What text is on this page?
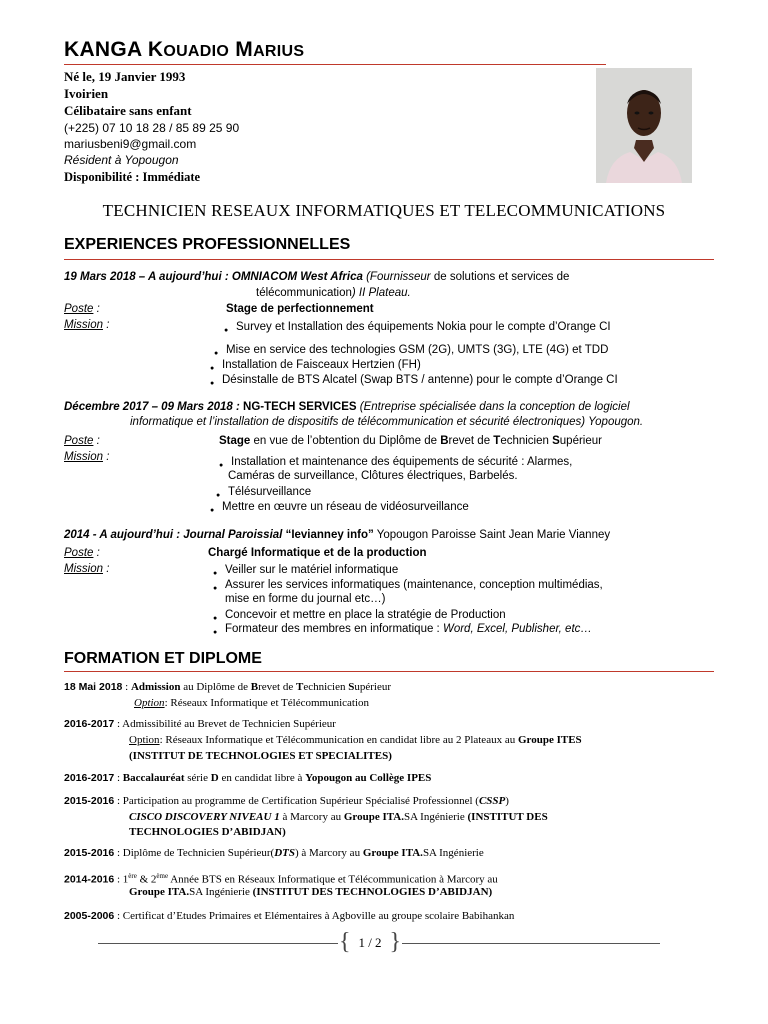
KANGA KOUADIO MARIUS
Né le, 19 Janvier 1993
Ivoirien
Célibataire sans enfant
(+225) 07 10 18 28 / 85 89 25 90
mariusbeni9@gmail.com
Résident à Yopougon
Disponibilité : Immédiate
TECHNICIEN RESEAUX INFORMATIQUES ET TELECOMMUNICATIONS
EXPERIENCES PROFESSIONNELLES
19 Mars 2018 – A aujourd’hui : OMNIACOM West Africa (Fournisseur de solutions et services de
télécommunication) II Plateau.
Poste :	Stage de perfectionnement
Mission :	● Survey et Installation des équipements Nokia pour le compte d’Orange CI
● Mise en service des technologies GSM (2G), UMTS (3G), LTE (4G) et TDD
● Installation de Faisceaux Hertzien (FH)
● Désinstalle de BTS Alcatel (Swap BTS / antenne) pour le compte d’Orange CI
Décembre 2017 – 09 Mars 2018 : NG-TECH SERVICES (Entreprise spécialisée dans la conception de logiciel
informatique et l’installation de dispositifs de télécommunication et sécurité électroniques) Yopougon.
Poste :	Stage en vue de l’obtention du Diplôme de Brevet de Technicien Supérieur
Mission :	● Installation et maintenance des équipements de sécurité : Alarmes,
Caméras de surveillance, Clôtures électriques, Barbelés.
● Télésurveillance
● Mettre en œuvre un réseau de vidéosurveillance
2014 - A aujourd’hui : Journal Paroissial “Ievianney info” Yopougon Paroisse Saint Jean Marie Vianney
Poste :	Chargé Informatique et de la production
Mission :	● Veiller sur le matériel informatique
● Assurer les services informatiques (maintenance, conception multimédias,
mise en forme du journal etc…)
● Concevoir et mettre en place la stratégie de Production
● Formateur des membres en informatique : Word, Excel, Publisher, etc…
FORMATION ET DIPLOME
18 Mai 2018 : Admission au Diplôme de Brevet de Technicien Supérieur
Option: Réseaux Informatique et Télécommunication
2016-2017 : Admissibilité au Brevet de Technicien Supérieur
Option: Réseaux Informatique et Télécommunication en candidat libre au 2 Plateaux au Groupe ITES
(INSTITUT DE TECHNOLOGIES ET SPECIALITES)
2016-2017 : Baccalauréat série D en candidat libre à Yopougon au Collège IPES
2015-2016 : Participation au programme de Certification Supérieur Spécialisé Professionnel (CSSP)
CISCO DISCOVERY NIVEAU 1 à Marcory au Groupe ITA.SA Ingénierie (INSTITUT DES
TECHNOLOGIES D’ABIDJAN)
2015-2016 : Diplôme de Technicien Supérieur(DTS) à Marcory au Groupe ITA.SA Ingénierie
2014-2016 : 1ère & 2ème Année BTS en Réseaux Informatique et Télécommunication à Marcory au
Groupe ITA.SA Ingénierie (INSTITUT DES TECHNOLOGIES D’ABIDJAN)
2005-2006 : Certificat d’Etudes Primaires et Elémentaires à Agboville au groupe scolaire Babihankan
{ 1 / 2 }
